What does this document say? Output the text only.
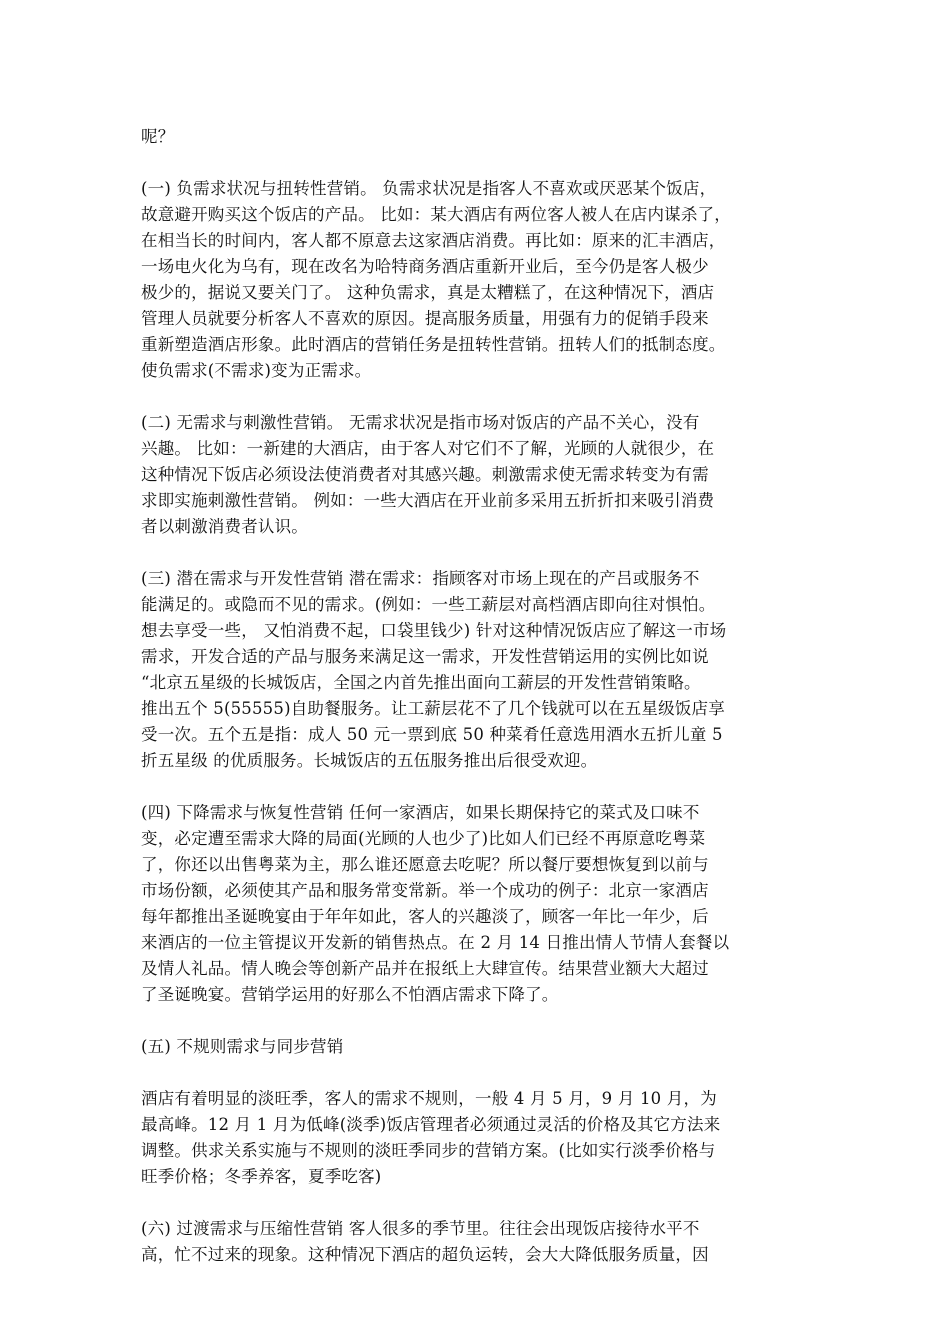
呢？
(一) 负需求状况与扭转性营销。 负需求状况是指客人不喜欢或厌恶某个饭店，
故意避开购买这个饭店的产品。 比如：某大酒店有两位客人被人在店内谋杀了，
在相当长的时间内，客人都不原意去这家酒店消费。再比如：原来的汇丰酒店，
一场电火化为乌有，现在改名为哈特商务酒店重新开业后，至今仍是客人极少
极少的，据说又要关门了。 这种负需求，真是太糟糕了，在这种情况下，酒店
管理人员就要分析客人不喜欢的原因。提高服务质量，用强有力的促销手段来
重新塑造酒店形象。此时酒店的营销任务是扭转性营销。扭转人们的抵制态度。
使负需求(不需求)变为正需求。
(二) 无需求与刺激性营销。 无需求状况是指市场对饭店的产品不关心，没有
兴趣。 比如：一新建的大酒店，由于客人对它们不了解，光顾的人就很少，在
这种情况下饭店必须设法使消费者对其感兴趣。刺激需求使无需求转变为有需
求即实施刺激性营销。 例如：一些大酒店在开业前多采用五折折扣来吸引消费
者以刺激消费者认识。
(三) 潜在需求与开发性营销 潜在需求：指顾客对市场上现在的产吕或服务不
能满足的。或隐而不见的需求。(例如：一些工薪层对高档酒店即向往对惧怕。
想去享受一些， 又怕消费不起，口袋里钱少) 针对这种情况饭店应了解这一市场
需求，开发合适的产品与服务来满足这一需求，开发性营销运用的实例比如说
“北京五星级的长城饭店，全国之内首先推出面向工薪层的开发性营销策略。
推出五个 5(55555)自助餐服务。让工薪层花不了几个钱就可以在五星级饭店享
受一次。五个五是指：成人 50 元一票到底 50 种菜肴任意选用酒水五折儿童 5
折五星级 的优质服务。长城饭店的五伍服务推出后很受欢迎。
(四) 下降需求与恢复性营销 任何一家酒店，如果长期保持它的菜式及口味不
变，必定遭至需求大降的局面(光顾的人也少了)比如人们已经不再原意吃粤菜
了，你还以出售粤菜为主，那么谁还愿意去吃呢？所以餐厅要想恢复到以前与
市场份额，必须使其产品和服务常变常新。举一个成功的例子：北京一家酒店
每年都推出圣诞晚宴由于年年如此，客人的兴趣淡了，顾客一年比一年少，后
来酒店的一位主管提议开发新的销售热点。在 2 月 14 日推出情人节情人套餐以
及情人礼品。情人晚会等创新产品并在报纸上大肆宣传。结果营业额大大超过
了圣诞晚宴。营销学运用的好那么不怕酒店需求下降了。
(五) 不规则需求与同步营销
酒店有着明显的淡旺季，客人的需求不规则，一般 4 月 5 月，9 月 10 月，为
最高峰。12 月 1 月为低峰(淡季)饭店管理者必须通过灵活的价格及其它方法来
调整。供求关系实施与不规则的淡旺季同步的营销方案。(比如实行淡季价格与
旺季价格；冬季养客，夏季吃客)
(六) 过渡需求与压缩性营销 客人很多的季节里。往往会出现饭店接待水平不
高，忙不过来的现象。这种情况下酒店的超负运转，会大大降低服务质量，因
